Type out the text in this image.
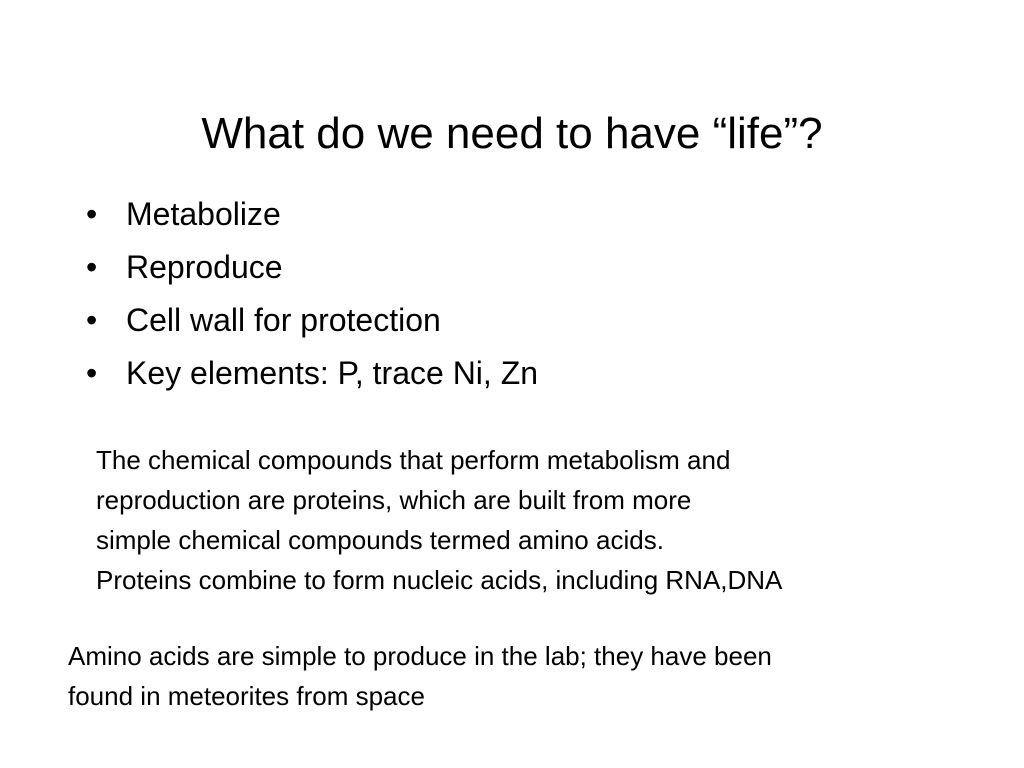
What do we need to have “life”?
• Metabolize
• Reproduce
• Cell wall for protection
• Key elements: P, trace Ni, Zn
The chemical compounds that perform metabolism and
reproduction are proteins, which are built from more
simple chemical compounds termed amino acids.
Proteins combine to form nucleic acids, including RNA,DNA
Amino acids are simple to produce in the lab; they have been
found in meteorites from space
